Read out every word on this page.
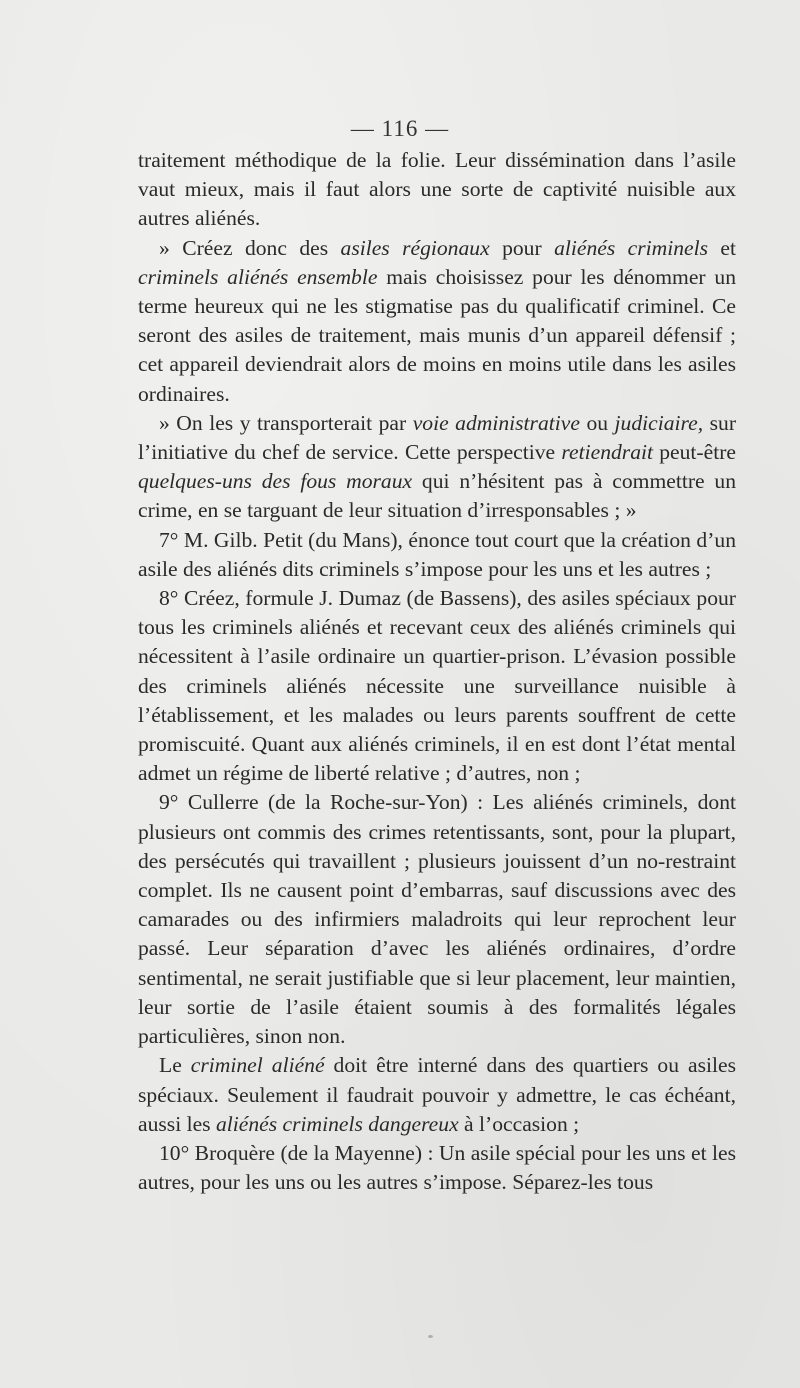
— 116 —

traitement méthodique de la folie. Leur dissémination dans l’asile vaut mieux, mais il faut alors une sorte de captivité nuisible aux autres aliénés.

» Créez donc des asiles régionaux pour aliénés criminels et criminels aliénés ensemble mais choisissez pour les dénommer un terme heureux qui ne les stigmatise pas du qualificatif criminel. Ce seront des asiles de traitement, mais munis d’un appareil défensif ; cet appareil deviendrait alors de moins en moins utile dans les asiles ordinaires.

» On les y transporterait par voie administrative ou judiciaire, sur l’initiative du chef de service. Cette perspective retiendrait peut-être quelques-uns des fous moraux qui n’hésitent pas à commettre un crime, en se targuant de leur situation d’irresponsables ; »

7° M. Gilb. Petit (du Mans), énonce tout court que la création d’un asile des aliénés dits criminels s’impose pour les uns et les autres ;

8° Créez, formule J. Dumaz (de Bassens), des asiles spéciaux pour tous les criminels aliénés et recevant ceux des aliénés criminels qui nécessitent à l’asile ordinaire un quartier-prison. L’évasion possible des criminels aliénés nécessite une surveillance nuisible à l’établissement, et les malades ou leurs parents souffrent de cette promiscuité. Quant aux aliénés criminels, il en est dont l’état mental admet un régime de liberté relative ; d’autres, non ;

9° Cullerre (de la Roche-sur-Yon) : Les aliénés criminels, dont plusieurs ont commis des crimes retentissants, sont, pour la plupart, des persécutés qui travaillent ; plusieurs jouissent d’un no-restraint complet. Ils ne causent point d’embarras, sauf discussions avec des camarades ou des infirmiers maladroits qui leur reprochent leur passé. Leur séparation d’avec les aliénés ordinaires, d’ordre sentimental, ne serait justifiable que si leur placement, leur maintien, leur sortie de l’asile étaient soumis à des formalités légales particulières, sinon non.

Le criminel aliéné doit être interné dans des quartiers ou asiles spéciaux. Seulement il faudrait pouvoir y admettre, le cas échéant, aussi les aliénés criminels dangereux à l’occasion ;

10° Broquère (de la Mayenne) : Un asile spécial pour les uns et les autres, pour les uns ou les autres s’impose. Séparez-les tous
